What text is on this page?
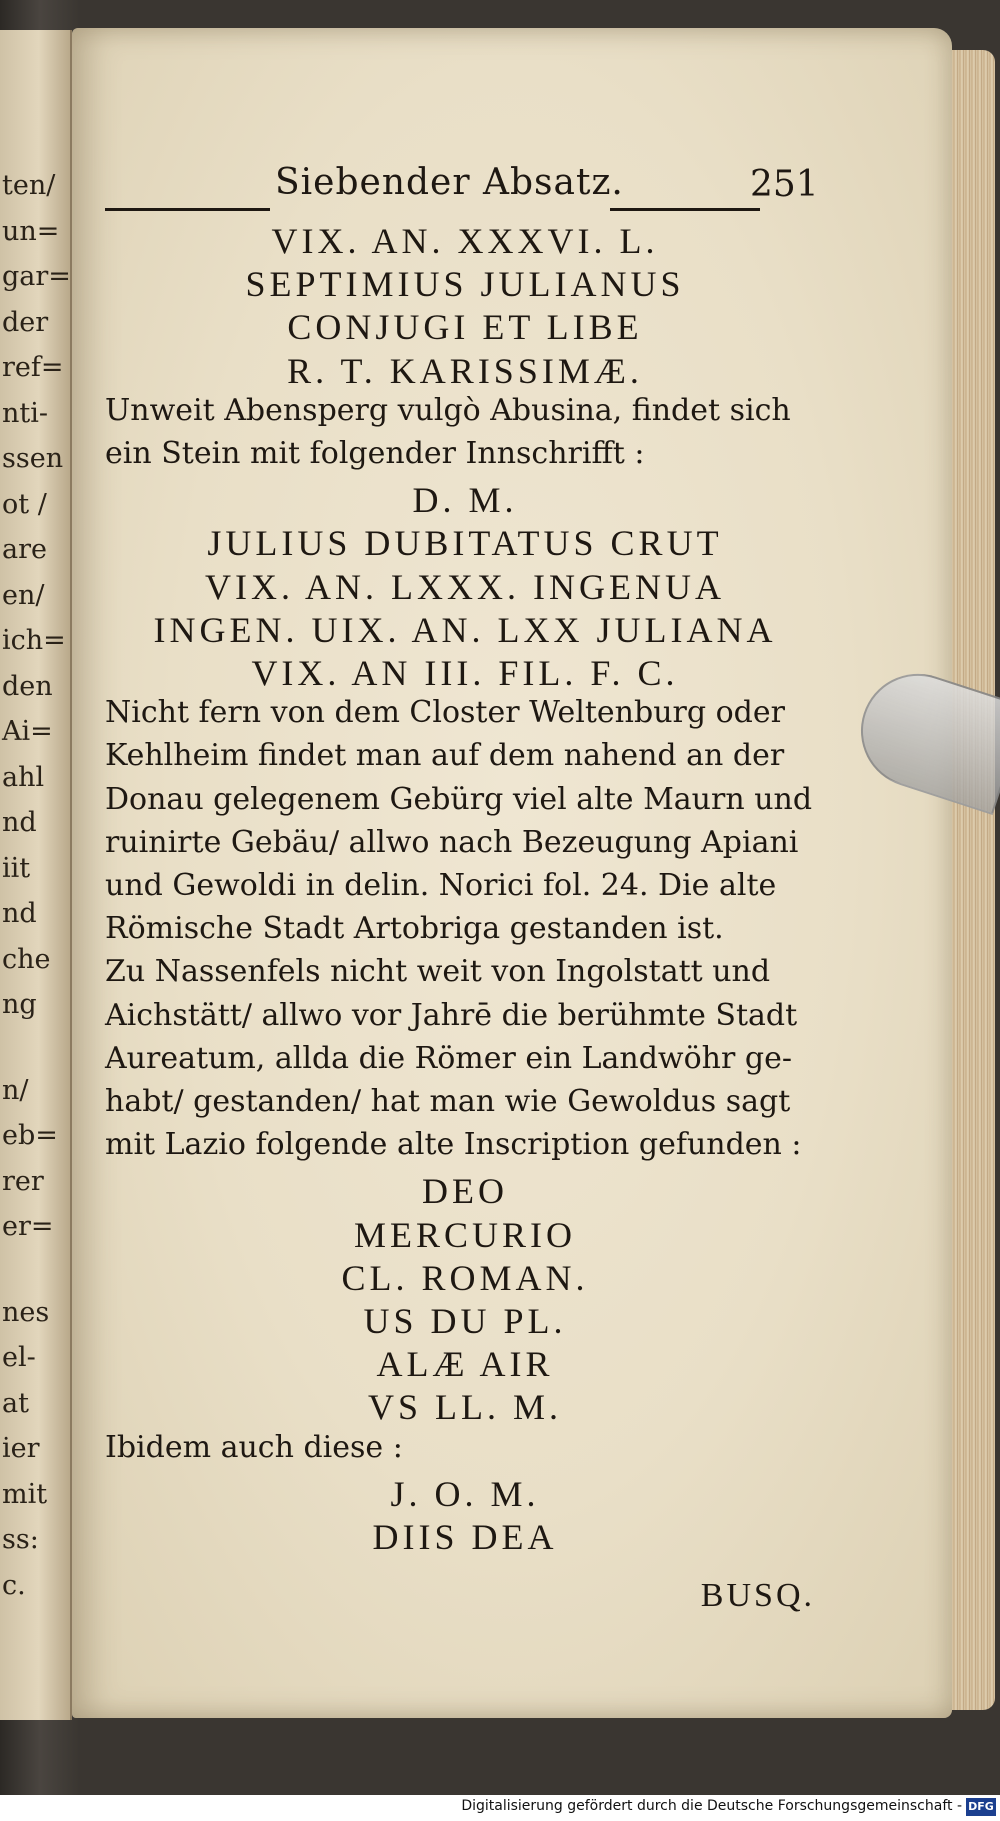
ten/
un=
gar=
der
ref=
nti-
ssen
ot /
are
en/
ich=
den
Ai=
ahl
nd
iit
nd
che
ng
n/
eb=
rer
er=
nes
el-
at
ier
mit
ss:
c.
Siebender Absatz.	251
VIX. AN. XXXVI. L.
SEPTIMIUS JULIANUS
CONJUGI ET LIBE
R. T. KARISSIMÆ.
Unweit Abensperg vulgò Abusina, findet sich
ein Stein mit folgender Innschrifft :
D. M.
JULIUS DUBITATUS CRUT
VIX. AN. LXXX. INGENUA
INGEN. UIX. AN. LXX JULIANA
VIX. AN III. FIL. F. C.
Nicht fern von dem Closter Weltenburg oder
Kehlheim findet man auf dem nahend an der
Donau gelegenem Gebürg viel alte Maurn und
ruinirte Gebäu/ allwo nach Bezeugung Apiani
und Gewoldi in delin. Norici fol. 24. Die alte
Römische Stadt Artobriga gestanden ist.
Zu Nassenfels nicht weit von Ingolstatt und
Aichstätt/ allwo vor Jahrē die berühmte Stadt
Aureatum, allda die Römer ein Landwöhr ge-
habt/ gestanden/ hat man wie Gewoldus sagt
mit Lazio folgende alte Inscription gefunden :
DEO
MERCURIO
CL. ROMAN.
US DU PL.
ALÆ AIR
VS LL. M.
Ibidem auch diese :
J. O. M.
DIIS DEA
BUSQ.
Digitalisierung gefördert durch die Deutsche Forschungsgemeinschaft - DFG
